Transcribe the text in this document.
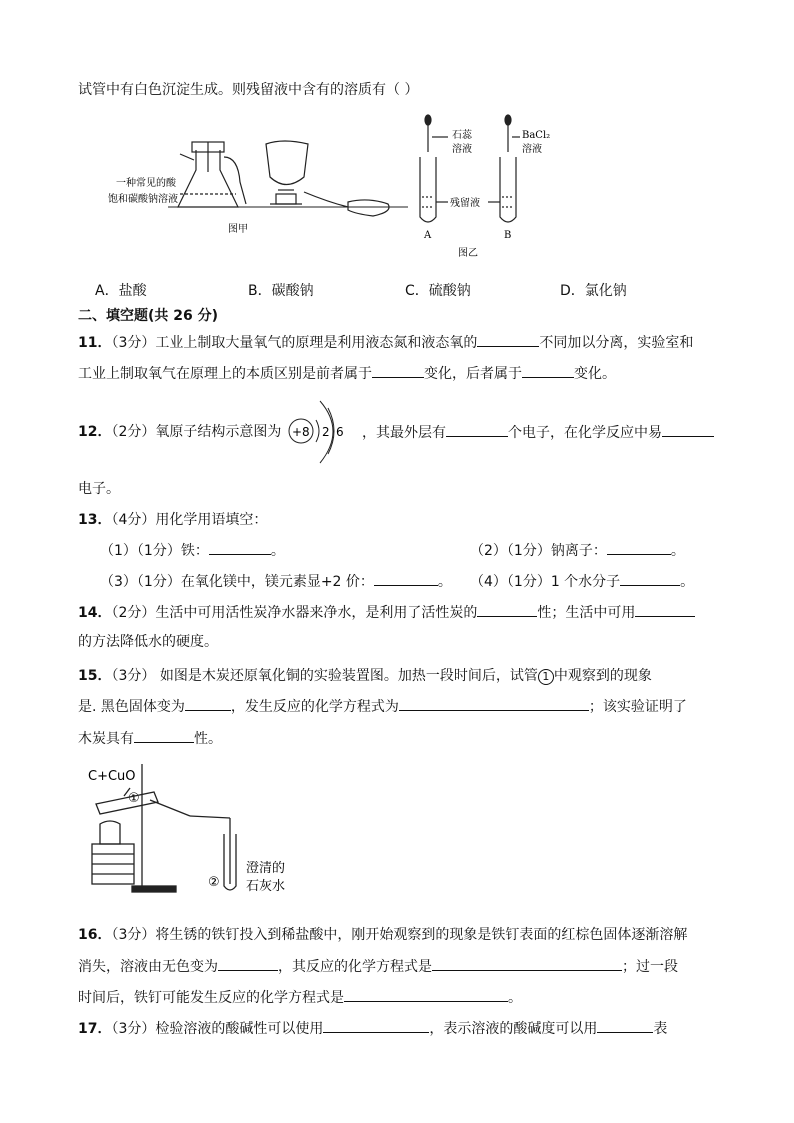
试管中有白色沉淀生成。则残留液中含有的溶质有（ ）
一种常见的酸
饱和碳酸钠溶液
图甲
石蕊
溶液
BaCl₂
溶液
残留液
A	B
图乙
A．盐酸	B．碳酸钠	C．硫酸钠	D．氯化钠
二、填空题(共 26 分)
11．（3分）工业上制取大量氧气的原理是利用液态氮和液态氧的	不同加以分离，实验室和
工业上制取氧气在原理上的本质区别是前者属于	变化，后者属于	变化。
12．（2分）氧原子结构示意图为 +8 2 6 ，其最外层有	个电子，在化学反应中易
电子。
13．（4分）用化学用语填空：
（1）（1分）铁：	。	（2）（1分）钠离子：	。
（3）（1分）在氧化镁中，镁元素显+2 价：	。 （4）（1分）1 个水分子	。
14．（2分）生活中可用活性炭净水器来净水，是利用了活性炭的	性；生活中可用
的方法降低水的硬度。
15．（3分） 如图是木炭还原氧化铜的实验装置图。加热一段时间后，试管 1 中观察到的现象
是. 黑色固体变为	，发生反应的化学方程式为	；该实验证明了
木炭具有	性。
C+CuO
①
②
澄清的
石灰水
16．（3分）将生锈的铁钉投入到稀盐酸中，刚开始观察到的现象是铁钉表面的红棕色固体逐渐溶解
消失，溶液由无色变为	，其反应的化学方程式是	；过一段
时间后，铁钉可能发生反应的化学方程式是	。
17．（3分）检验溶液的酸碱性可以使用	，表示溶液的酸碱度可以用	表
